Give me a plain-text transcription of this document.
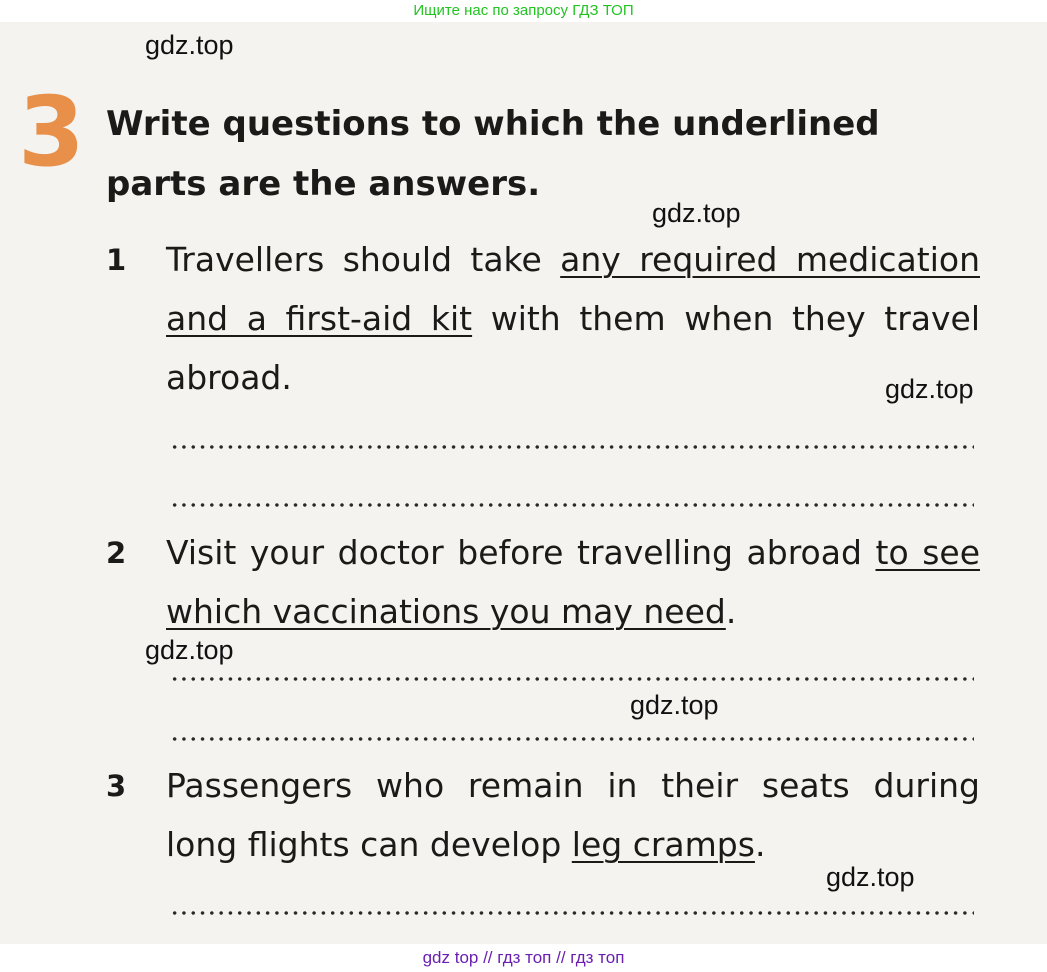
Ищите нас по запросу ГДЗ ТОП
gdz.top
gdz.top
gdz.top
gdz.top
gdz.top
gdz.top
3 Write questions to which the underlined parts are the answers.
1	Travellers should take any required medication and a first-aid kit with them when they travel abroad.
2	Visit your doctor before travelling abroad to see which vaccinations you may need.
3	Passengers who remain in their seats during long flights can develop leg cramps.
gdz top // гдз топ // гдз топ
